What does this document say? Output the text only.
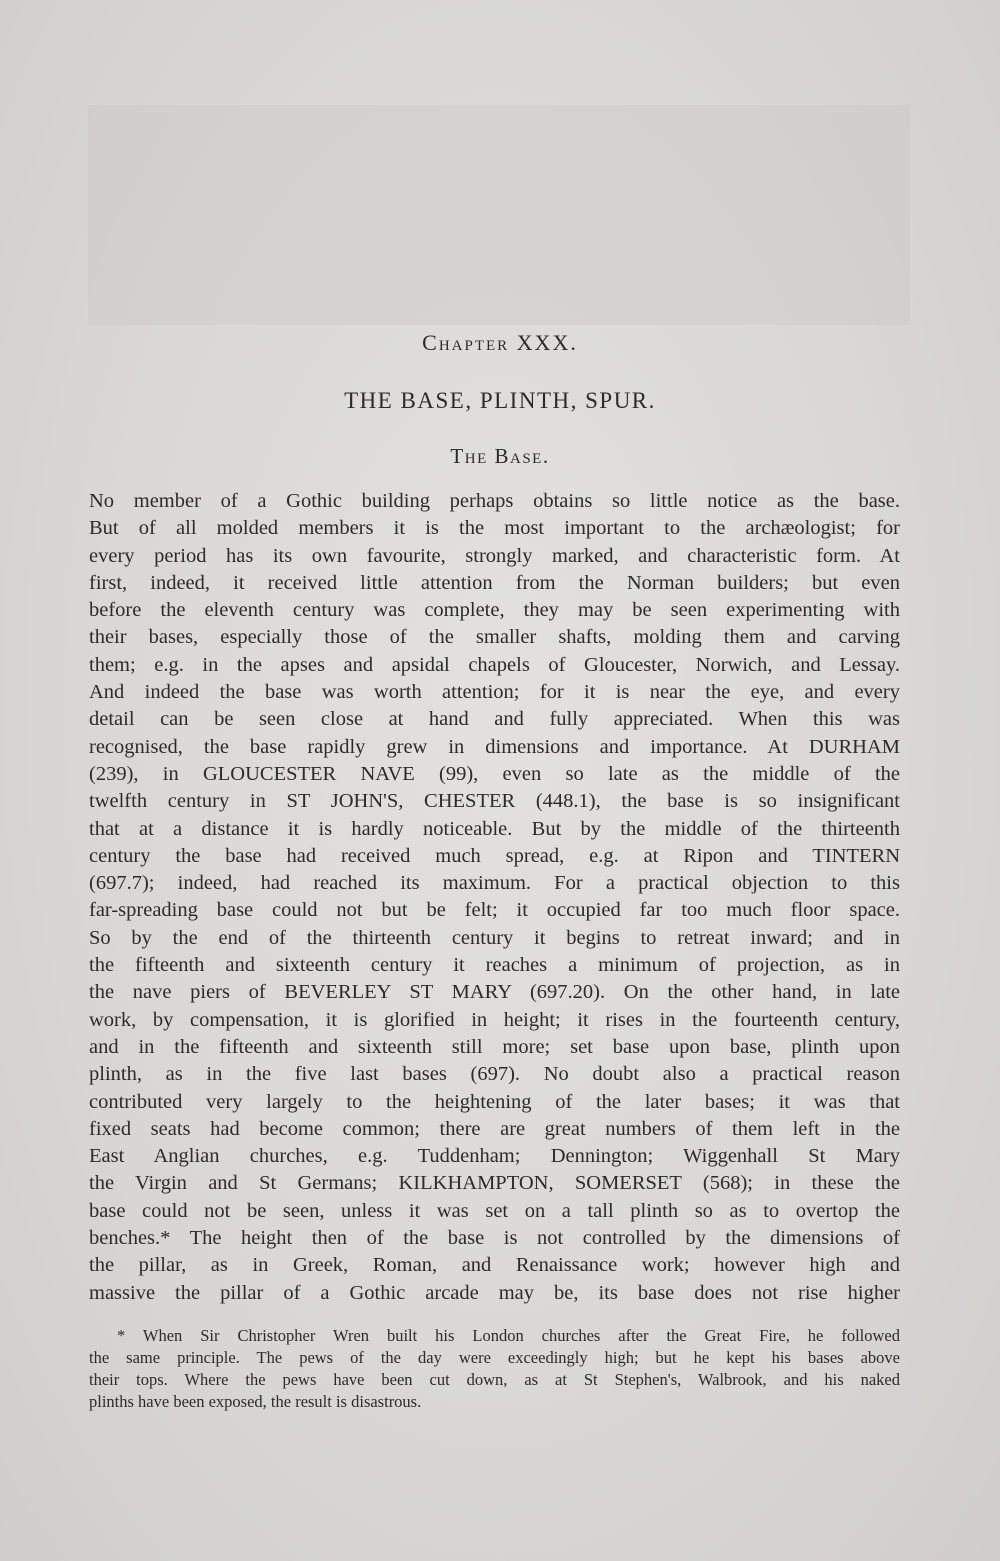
Chapter XXX.
THE BASE, PLINTH, SPUR.
The Base.
No member of a Gothic building perhaps obtains so little notice as the base.
But of all molded members it is the most important to the archæologist; for
every period has its own favourite, strongly marked, and characteristic form. At
first, indeed, it received little attention from the Norman builders; but even
before the eleventh century was complete, they may be seen experimenting with
their bases, especially those of the smaller shafts, molding them and carving
them; e.g. in the apses and apsidal chapels of Gloucester, Norwich, and Lessay.
And indeed the base was worth attention; for it is near the eye, and every
detail can be seen close at hand and fully appreciated. When this was
recognised, the base rapidly grew in dimensions and importance. At DURHAM
(239), in GLOUCESTER NAVE (99), even so late as the middle of the
twelfth century in ST JOHN'S, CHESTER (448.1), the base is so insignificant
that at a distance it is hardly noticeable. But by the middle of the thirteenth
century the base had received much spread, e.g. at Ripon and TINTERN
(697.7); indeed, had reached its maximum. For a practical objection to this
far-spreading base could not but be felt; it occupied far too much floor space.
So by the end of the thirteenth century it begins to retreat inward; and in
the fifteenth and sixteenth century it reaches a minimum of projection, as in
the nave piers of BEVERLEY ST MARY (697.20). On the other hand, in late
work, by compensation, it is glorified in height; it rises in the fourteenth century,
and in the fifteenth and sixteenth still more; set base upon base, plinth upon
plinth, as in the five last bases (697). No doubt also a practical reason
contributed very largely to the heightening of the later bases; it was that
fixed seats had become common; there are great numbers of them left in the
East Anglian churches, e.g. Tuddenham; Dennington; Wiggenhall St Mary
the Virgin and St Germans; KILKHAMPTON, SOMERSET (568); in these the
base could not be seen, unless it was set on a tall plinth so as to overtop the
benches.* The height then of the base is not controlled by the dimensions of
the pillar, as in Greek, Roman, and Renaissance work; however high and
massive the pillar of a Gothic arcade may be, its base does not rise higher
* When Sir Christopher Wren built his London churches after the Great Fire, he followed
the same principle. The pews of the day were exceedingly high; but he kept his bases above
their tops. Where the pews have been cut down, as at St Stephen's, Walbrook, and his naked
plinths have been exposed, the result is disastrous.
